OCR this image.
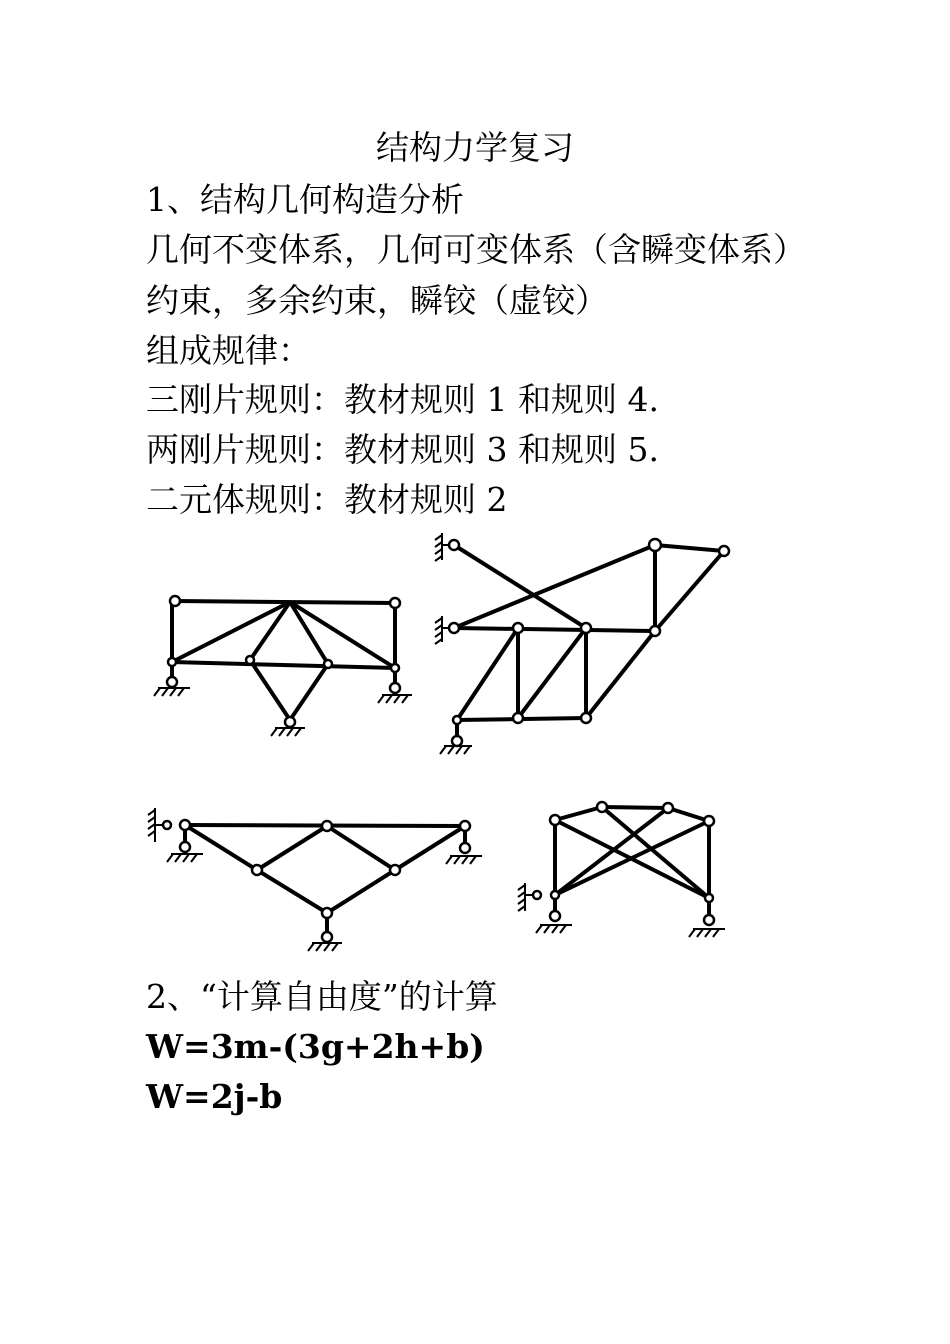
结构力学复习
1、结构几何构造分析
几何不变体系，几何可变体系（含瞬变体系）
约束，多余约束，瞬铰（虚铰）
组成规律：
三刚片规则：教材规则 1 和规则 4.
两刚片规则：教材规则 3 和规则 5.
二元体规则：教材规则 2
2、“计算自由度”的计算
W=3m-(3g+2h+b)
W=2j-b
